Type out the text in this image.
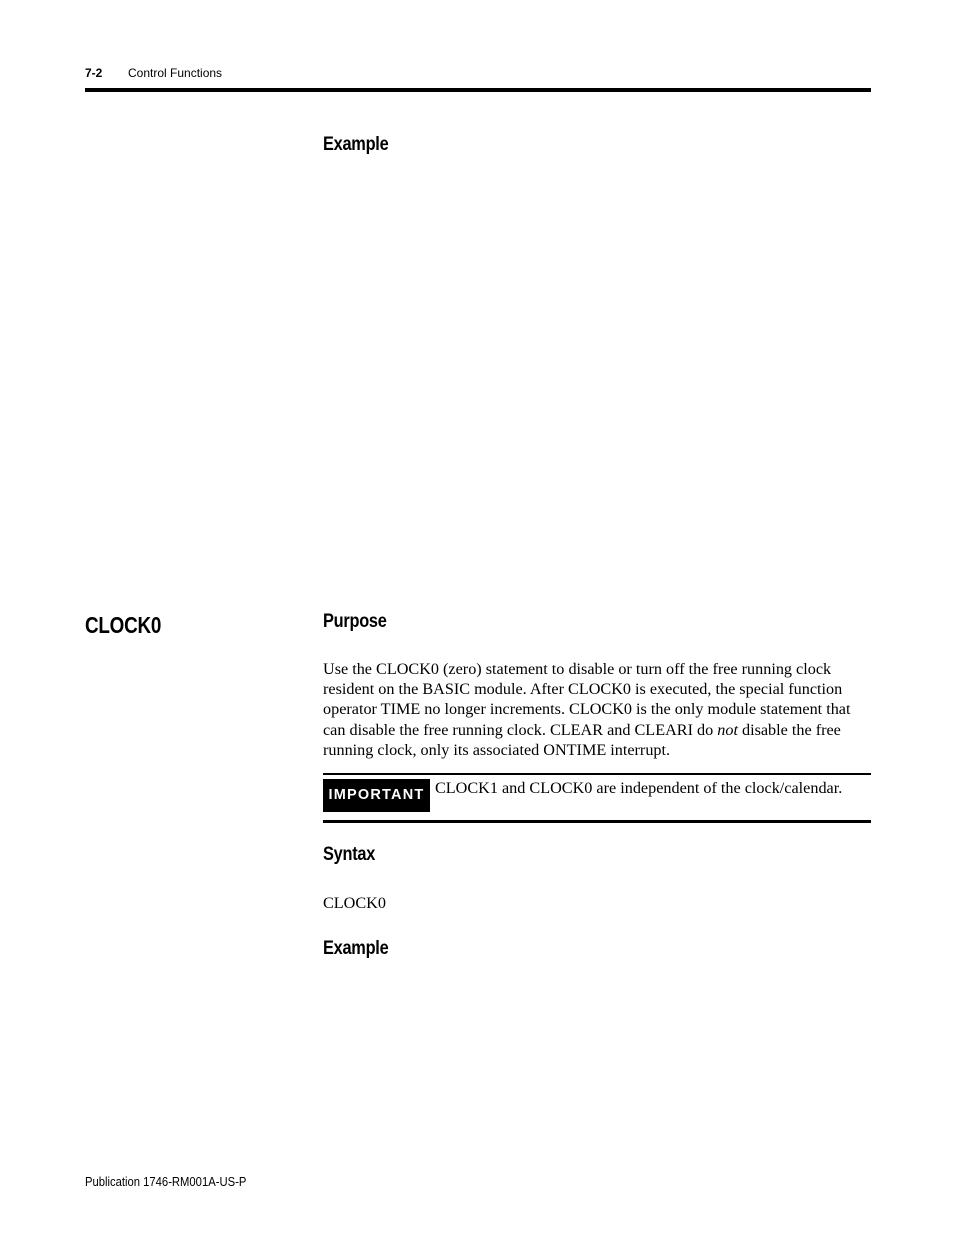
7-2 Control Functions
Example
CLOCK0	Purpose

Use the CLOCK0 (zero) statement to disable or turn off the free running clock resident on the BASIC module. After CLOCK0 is executed, the special function operator TIME no longer increments. CLOCK0 is the only module statement that can disable the free running clock. CLEAR and CLEARI do not disable the free running clock, only its associated ONTIME interrupt.

IMPORTANT CLOCK1 and CLOCK0 are independent of the clock/calendar.
Syntax

CLOCK0

Example
Publication 1746-RM001A-US-P
